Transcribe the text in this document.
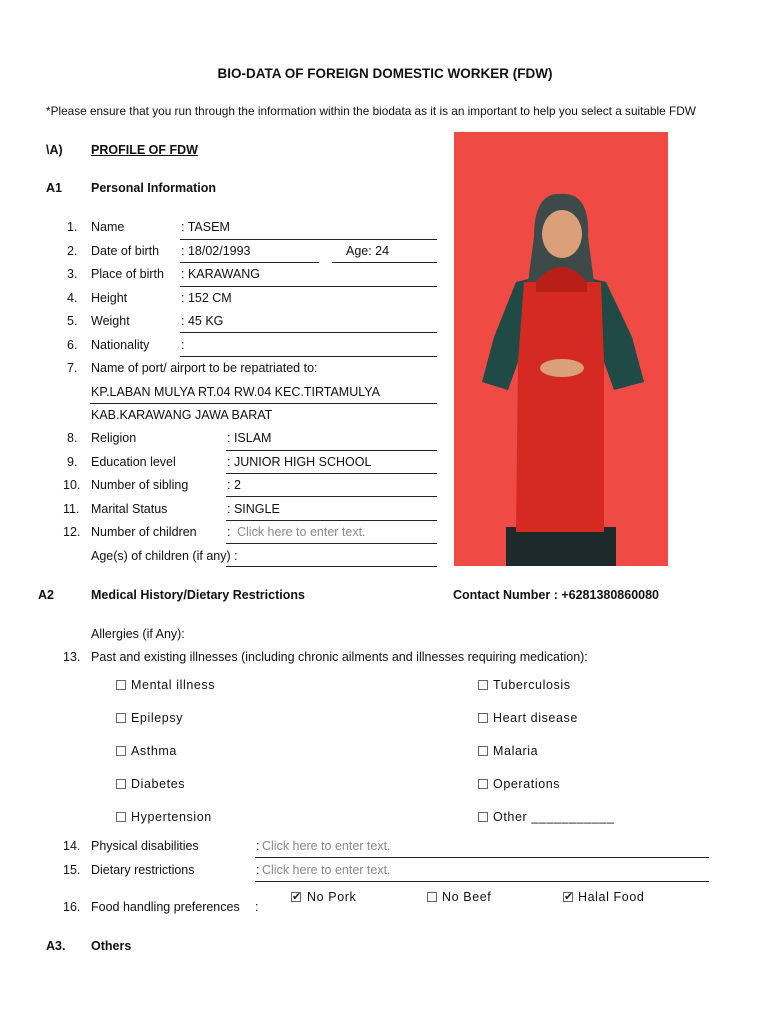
BIO-DATA OF FOREIGN DOMESTIC WORKER (FDW)
*Please ensure that you run through the information within the biodata as it is an important to help you select a suitable FDW
\A) PROFILE OF FDW
A1 Personal Information
1. Name	: TASEM
2. Date of birth : 18/02/1993	Age: 24
3. Place of birth : KARAWANG
4. Height	: 152 CM
5. Weight	: 45 KG
6. Nationality	:
7. Name of port/ airport to be repatriated to:
KP.LABAN MULYA RT.04 RW.04 KEC.TIRTAMULYA
KAB.KARAWANG JAWA BARAT
8. Religion	: ISLAM
9. Education level	: JUNIOR HIGH SCHOOL
10. Number of sibling	: 2
11. Marital Status	: SINGLE
12. Number of children : Click here to enter text.
Age(s) of children (if any) :
A2	Medical History/Dietary Restrictions	Contact Number : +6281380860080
Allergies (if Any):
13. Past and existing illnesses (including chronic ailments and illnesses requiring medication):
Mental illness
Epilepsy
Asthma
Diabetes
Hypertension
Tuberculosis
Heart disease
Malaria
Operations
Other ___________
14. Physical disabilities	: Click here to enter text.
15. Dietary restrictions	: Click here to enter text.
16. Food handling preferences :
✔ No Pork	No Beef	✔ Halal Food
A3. Others
